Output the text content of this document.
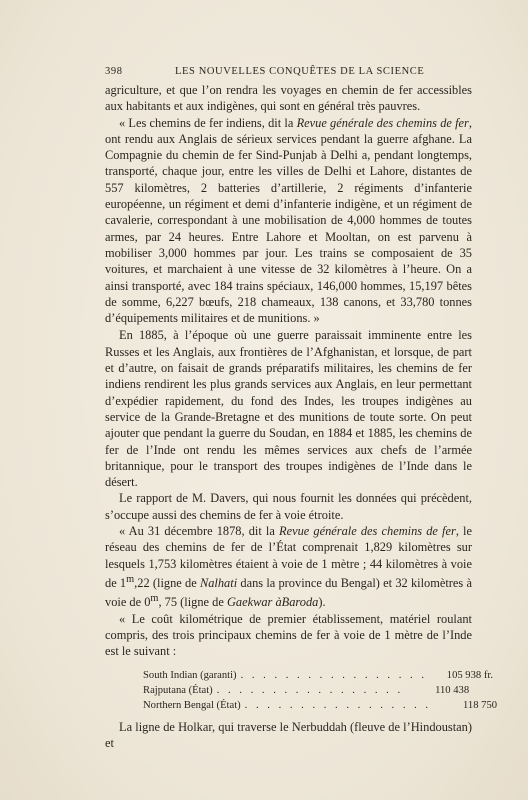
398	LES NOUVELLES CONQUÊTES DE LA SCIENCE

agriculture, et que l’on rendra les voyages en chemin de fer accessibles aux habitants et aux indigènes, qui sont en général très pauvres.

« Les chemins de fer indiens, dit la Revue générale des chemins de fer, ont rendu aux Anglais de sérieux services pendant la guerre afghane. La Compagnie du chemin de fer Sind-Punjab à Delhi a, pendant longtemps, transporté, chaque jour, entre les villes de Delhi et Lahore, distantes de 557 kilomètres, 2 batteries d’artillerie, 2 régiments d’infanterie européenne, un régiment et demi d’infanterie indigène, et un régiment de cavalerie, correspondant à une mobilisation de 4,000 hommes de toutes armes, par 24 heures. Entre Lahore et Mooltan, on est parvenu à mobiliser 3,000 hommes par jour. Les trains se composaient de 35 voitures, et marchaient à une vitesse de 32 kilomètres à l’heure. On a ainsi transporté, avec 184 trains spéciaux, 146,000 hommes, 15,197 bêtes de somme, 6,227 bœufs, 218 chameaux, 138 canons, et 33,780 tonnes d’équipements militaires et de munitions. »

En 1885, à l’époque où une guerre paraissait imminente entre les Russes et les Anglais, aux frontières de l’Afghanistan, et lorsque, de part et d’autre, on faisait de grands préparatifs militaires, les chemins de fer indiens rendirent les plus grands services aux Anglais, en leur permettant d’expédier rapidement, du fond des Indes, les troupes indigènes au service de la Grande-Bretagne et des munitions de toute sorte. On peut ajouter que pendant la guerre du Soudan, en 1884 et 1885, les chemins de fer de l’Inde ont rendu les mêmes services aux chefs de l’armée britannique, pour le transport des troupes indigènes de l’Inde dans le désert.

Le rapport de M. Davers, qui nous fournit les données qui précèdent, s’occupe aussi des chemins de fer à voie étroite.

« Au 31 décembre 1878, dit la Revue générale des chemins de fer, le réseau des chemins de fer de l’État comprenait 1,829 kilomètres sur lesquels 1,753 kilomètres étaient à voie de 1 mètre ; 44 kilomètres à voie de 1$^m$,22 (ligne de Nalhati dans la province du Bengal) et 32 kilomètres à voie de 0$^m$, 75 (ligne de Gaekwar àBaroda).

« Le coût kilométrique de premier établissement, matériel roulant compris, des trois principaux chemins de fer à voie de 1 mètre de l’Inde est le suivant :

South Indian (garanti) . . . . . . . . . . . . . . . . .	105 938 fr.
Rajputana (État) . . . . . . . . . . . . . . . . .	110 438
Northern Bengal (État) . . . . . . . . . . . . . . . . .	118 750

La ligne de Holkar, qui traverse le Nerbuddah (fleuve de l’Hindoustan) et
